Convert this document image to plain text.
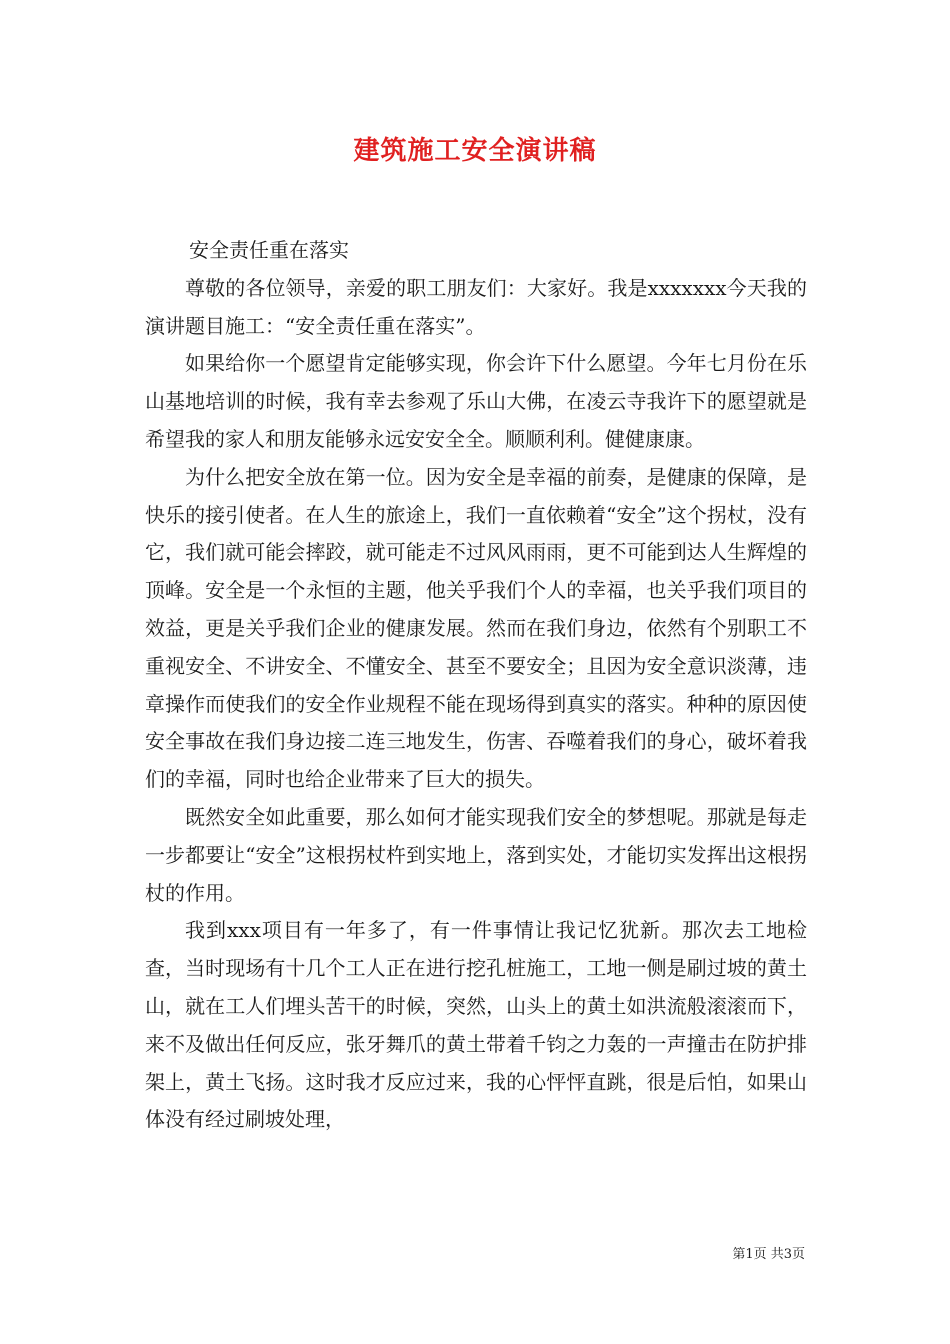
建筑施工安全演讲稿

安全责任重在落实

尊敬的各位领导，亲爱的职工朋友们：大家好。我是xxxxxxx今天我的演讲题目施工：“安全责任重在落实”。

如果给你一个愿望肯定能够实现，你会许下什么愿望。今年七月份在乐山基地培训的时候，我有幸去参观了乐山大佛，在凌云寺我许下的愿望就是希望我的家人和朋友能够永远安安全全。顺顺利利。健健康康。

为什么把安全放在第一位。因为安全是幸福的前奏，是健康的保障，是快乐的接引使者。在人生的旅途上，我们一直依赖着“安全”这个拐杖，没有它，我们就可能会摔跤，就可能走不过风风雨雨，更不可能到达人生辉煌的顶峰。安全是一个永恒的主题，他关乎我们个人的幸福，也关乎我们项目的效益，更是关乎我们企业的健康发展。然而在我们身边，依然有个别职工不重视安全、不讲安全、不懂安全、甚至不要安全；且因为安全意识淡薄，违章操作而使我们的安全作业规程不能在现场得到真实的落实。种种的原因使安全事故在我们身边接二连三地发生，伤害、吞噬着我们的身心，破坏着我们的幸福，同时也给企业带来了巨大的损失。

既然安全如此重要，那么如何才能实现我们安全的梦想呢。那就是每走一步都要让“安全”这根拐杖杵到实地上，落到实处，才能切实发挥出这根拐杖的作用。

我到xxx项目有一年多了，有一件事情让我记忆犹新。那次去工地检查，当时现场有十几个工人正在进行挖孔桩施工，工地一侧是刷过坡的黄土山，就在工人们埋头苦干的时候，突然，山头上的黄土如洪流般滚滚而下，来不及做出任何反应，张牙舞爪的黄土带着千钧之力轰的一声撞击在防护排架上，黄土飞扬。这时我才反应过来，我的心怦怦直跳，很是后怕，如果山体没有经过刷坡处理，

第1页 共3页
